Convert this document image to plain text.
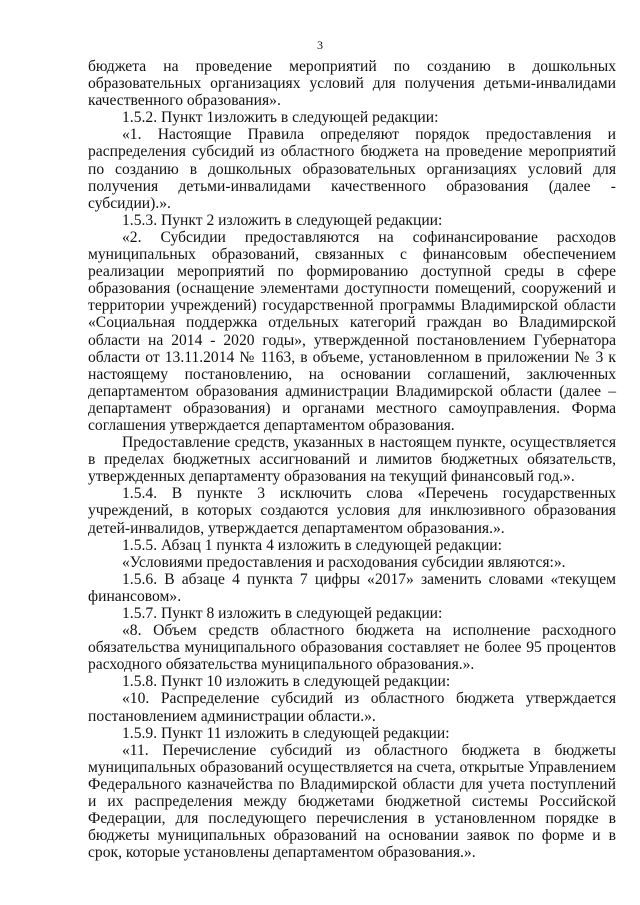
3

бюджета на проведение мероприятий по созданию в дошкольных образовательных организациях условий для получения детьми-инвалидами качественного образования».

1.5.2. Пункт 1изложить в следующей редакции:

«1. Настоящие Правила определяют порядок предоставления и распределения субсидий из областного бюджета на проведение мероприятий по созданию в дошкольных образовательных организациях условий для получения детьми-инвалидами качественного образования (далее - субсидии).».

1.5.3. Пункт 2 изложить в следующей редакции:

«2. Субсидии предоставляются на софинансирование расходов муниципальных образований, связанных с финансовым обеспечением реализации мероприятий по формированию доступной среды в сфере образования (оснащение элементами доступности помещений, сооружений и территории учреждений) государственной программы Владимирской области «Социальная поддержка отдельных категорий граждан во Владимирской области на 2014 - 2020 годы», утвержденной постановлением Губернатора области от 13.11.2014 № 1163, в объеме, установленном в приложении № 3 к настоящему постановлению, на основании соглашений, заключенных департаментом образования администрации Владимирской области (далее – департамент образования) и органами местного самоуправления. Форма соглашения утверждается департаментом образования.

Предоставление средств, указанных в настоящем пункте, осуществляется в пределах бюджетных ассигнований и лимитов бюджетных обязательств, утвержденных департаменту образования на текущий финансовый год.».

1.5.4. В пункте 3 исключить слова «Перечень государственных учреждений, в которых создаются условия для инклюзивного образования детей-инвалидов, утверждается департаментом образования.».

1.5.5. Абзац 1 пункта 4 изложить в следующей редакции:

«Условиями предоставления и расходования субсидии являются:».

1.5.6. В абзаце 4 пункта 7 цифры «2017» заменить словами «текущем финансовом».

1.5.7. Пункт 8 изложить в следующей редакции:

«8. Объем средств областного бюджета на исполнение расходного обязательства муниципального образования составляет не более 95 процентов расходного обязательства муниципального образования.».

1.5.8. Пункт 10 изложить в следующей редакции:

«10. Распределение субсидий из областного бюджета утверждается постановлением администрации области.».

1.5.9. Пункт 11 изложить в следующей редакции:

«11. Перечисление субсидий из областного бюджета в бюджеты муниципальных образований осуществляется на счета, открытые Управлением Федерального казначейства по Владимирской области для учета поступлений и их распределения между бюджетами бюджетной системы Российской Федерации, для последующего перечисления в установленном порядке в бюджеты муниципальных образований на основании заявок по форме и в срок, которые установлены департаментом образования.».
